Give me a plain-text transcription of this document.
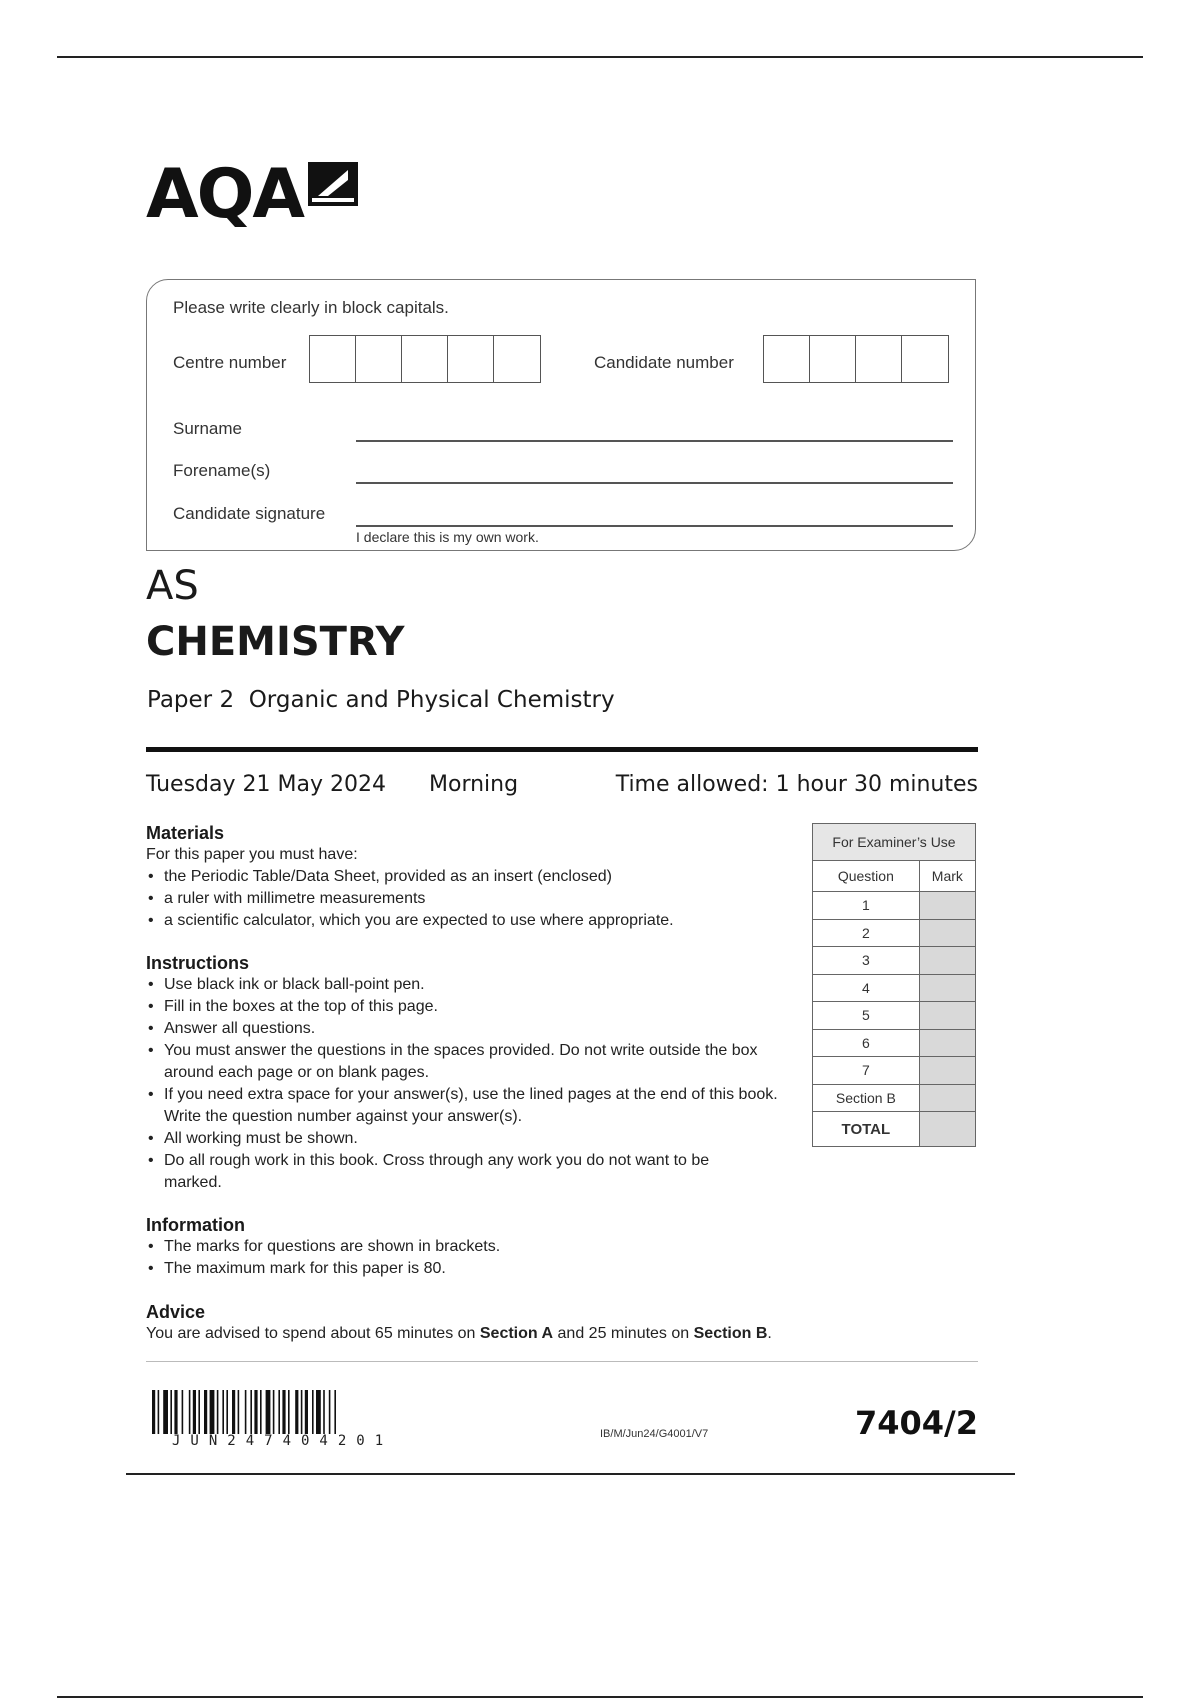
AQA
Please write clearly in block capitals.
Centre number	Candidate number
Surname
Forename(s)
Candidate signature
I declare this is my own work.
AS
CHEMISTRY
Paper 2  Organic and Physical Chemistry
Tuesday 21 May 2024 Morning	Time allowed: 1 hour 30 minutes
Materials

For this paper you must have:

• the Periodic Table/Data Sheet, provided as an insert (enclosed)
• a ruler with millimetre measurements
• a scientific calculator, which you are expected to use where appropriate.
Instructions
• Use black ink or black ball-point pen.
• Fill in the boxes at the top of this page.
• Answer all questions.
• You must answer the questions in the spaces provided. Do not write outside the box around each page or on blank pages.
• If you need extra space for your answer(s), use the lined pages at the end of this book. Write the question number against your answer(s).
• All working must be shown.
• Do all rough work in this book. Cross through any work you do not want to be marked.
Information
• The marks for questions are shown in brackets.
• The maximum mark for this paper is 80.
Advice

You are advised to spend about 65 minutes on Section A and 25 minutes on Section B.

For Examiner’s Use	
Question	Mark
1	
2	
3	
4	
5	
6	
7	
Section B	
TOTAL	
JUN247404201	IB/M/Jun24/G4001/V7	7404/2
